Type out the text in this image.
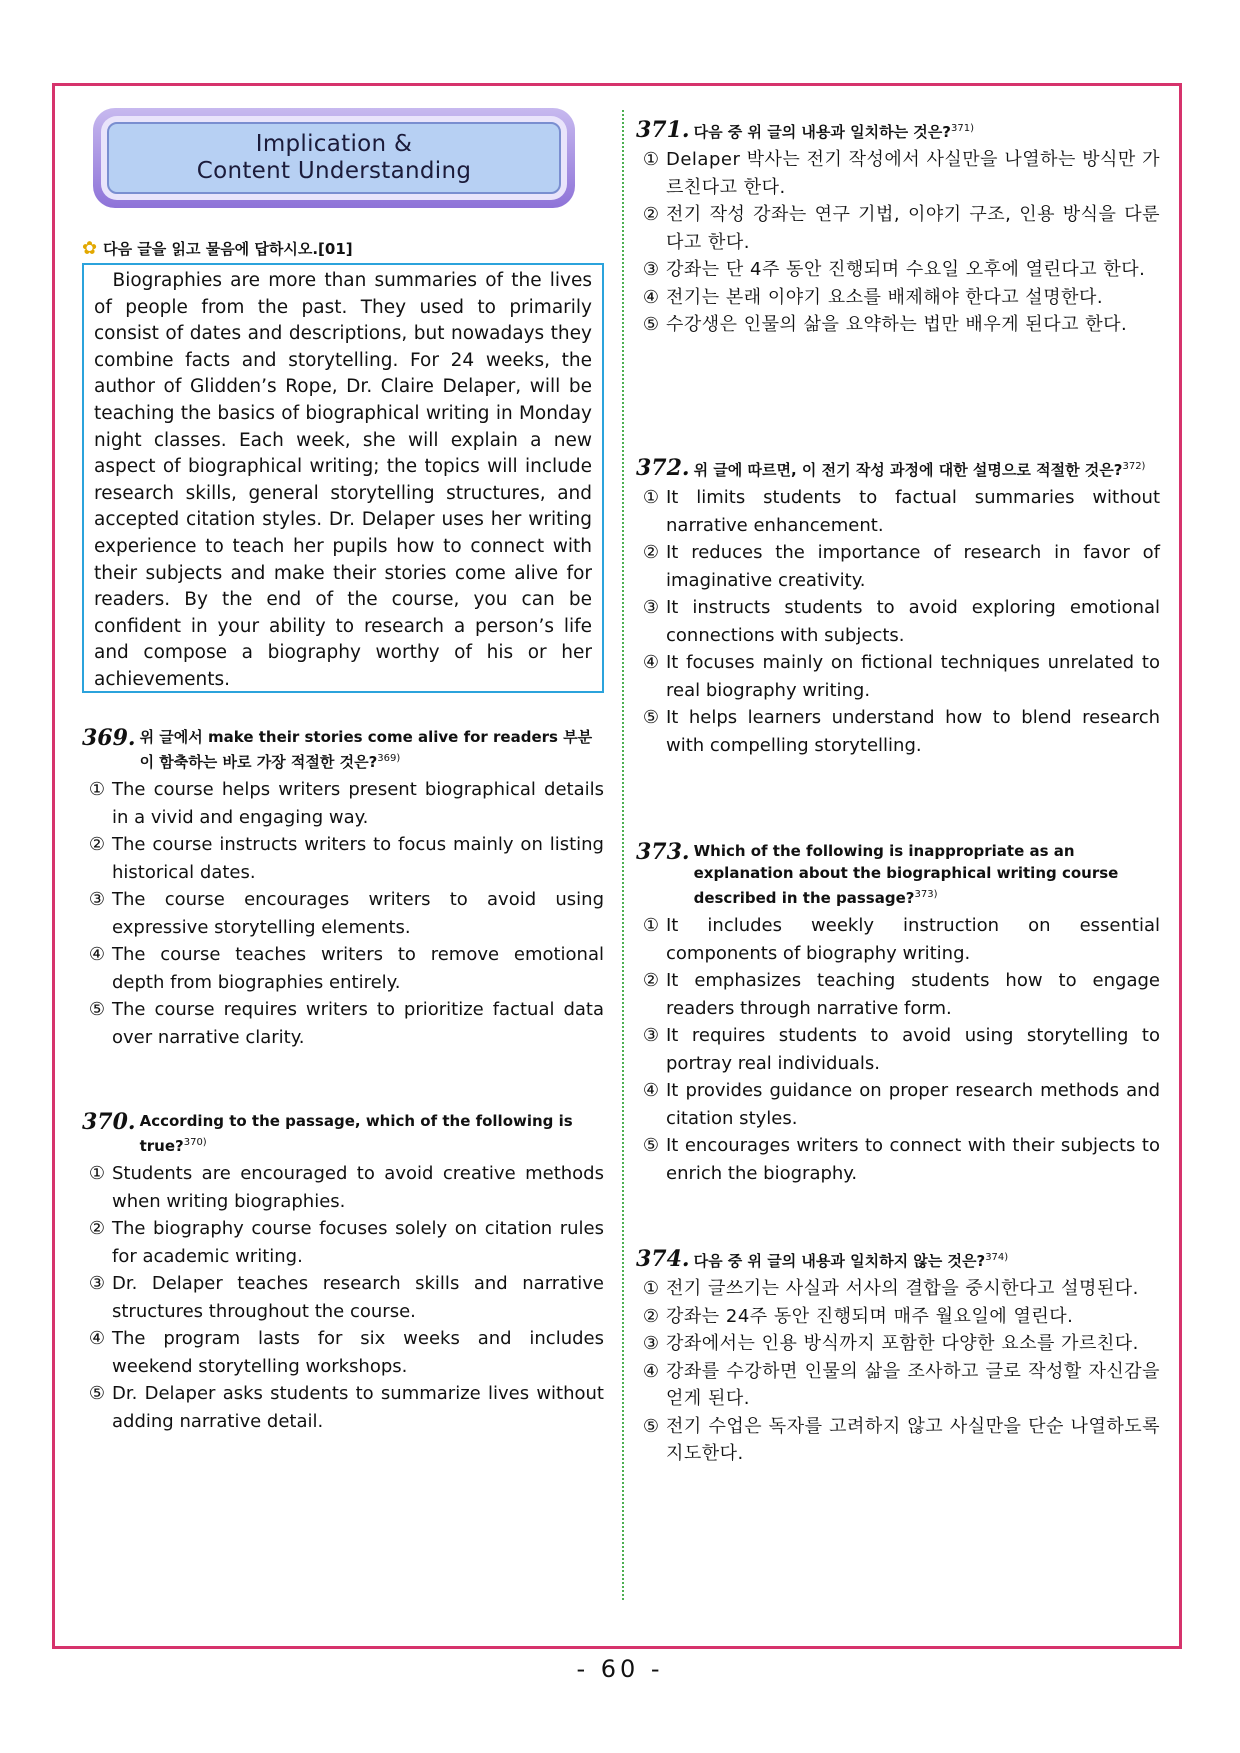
Implication &
Content Understanding
✿ 다음 글을 읽고 물음에 답하시오.[01]

Biographies are more than summaries of the lives of people from the past. They used to primarily consist of dates and descriptions, but nowadays they combine facts and storytelling. For 24 weeks, the author of Glidden’s Rope, Dr. Claire Delaper, will be teaching the basics of biographical writing in Monday night classes. Each week, she will explain a new aspect of biographical writing; the topics will include research skills, general storytelling structures, and accepted citation styles. Dr. Delaper uses her writing experience to teach her pupils how to connect with their subjects and make their stories come alive for readers. By the end of the course, you can be confident in your ability to research a person’s life and compose a biography worthy of his or her achievements.

369. 위 글에서 make their stories come alive for readers 부분이 함축하는 바로 가장 적절한 것은?$^{369)}$
① The course helps writers present biographical details in a vivid and engaging way.
② The course instructs writers to focus mainly on listing historical dates.
③ The course encourages writers to avoid using expressive storytelling elements.
④ The course teaches writers to remove emotional depth from biographies entirely.
⑤ The course requires writers to prioritize factual data over narrative clarity.
370. According to the passage, which of the following is true?$^{370)}$
① Students are encouraged to avoid creative methods when writing biographies.
② The biography course focuses solely on citation rules for academic writing.
③ Dr. Delaper teaches research skills and narrative structures throughout the course.
④ The program lasts for six weeks and includes weekend storytelling workshops.
⑤ Dr. Delaper asks students to summarize lives without adding narrative detail.
371. 다음 중 위 글의 내용과 일치하는 것은?$^{371)}$
① Delaper 박사는 전기 작성에서 사실만을 나열하는 방식만 가르친다고 한다.
② 전기 작성 강좌는 연구 기법, 이야기 구조, 인용 방식을 다룬다고 한다.
③ 강좌는 단 4주 동안 진행되며 수요일 오후에 열린다고 한다.
④ 전기는 본래 이야기 요소를 배제해야 한다고 설명한다.
⑤ 수강생은 인물의 삶을 요약하는 법만 배우게 된다고 한다.
372. 위 글에 따르면, 이 전기 작성 과정에 대한 설명으로 적절한 것은?$^{372)}$
① It limits students to factual summaries without narrative enhancement.
② It reduces the importance of research in favor of imaginative creativity.
③ It instructs students to avoid exploring emotional connections with subjects.
④ It focuses mainly on fictional techniques unrelated to real biography writing.
⑤ It helps learners understand how to blend research with compelling storytelling.
373. Which of the following is inappropriate as an explanation about the biographical writing course described in the passage?$^{373)}$
① It includes weekly instruction on essential components of biography writing.
② It emphasizes teaching students how to engage readers through narrative form.
③ It requires students to avoid using storytelling to portray real individuals.
④ It provides guidance on proper research methods and citation styles.
⑤ It encourages writers to connect with their subjects to enrich the biography.
374. 다음 중 위 글의 내용과 일치하지 않는 것은?$^{374)}$
① 전기 글쓰기는 사실과 서사의 결합을 중시한다고 설명된다.
② 강좌는 24주 동안 진행되며 매주 월요일에 열린다.
③ 강좌에서는 인용 방식까지 포함한 다양한 요소를 가르친다.
④ 강좌를 수강하면 인물의 삶을 조사하고 글로 작성할 자신감을 얻게 된다.
⑤ 전기 수업은 독자를 고려하지 않고 사실만을 단순 나열하도록 지도한다.
- 60 -
